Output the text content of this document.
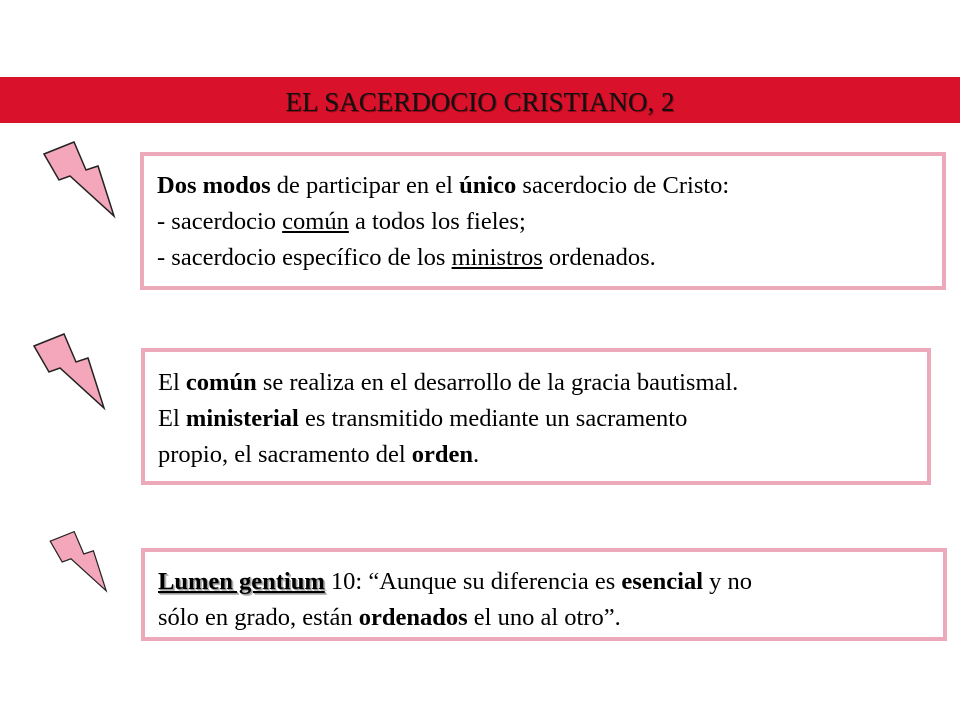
EL SACERDOCIO CRISTIANO, 2

Dos modos de participar en el único sacerdocio de Cristo:

- sacerdocio común a todos los fieles;

- sacerdocio específico de los ministros ordenados.

El común se realiza en el desarrollo de la gracia bautismal.

El ministerial es transmitido mediante un sacramento

propio, el sacramento del orden.

Lumen gentium 10: “Aunque su diferencia es esencial y no

sólo en grado, están ordenados el uno al otro”.
